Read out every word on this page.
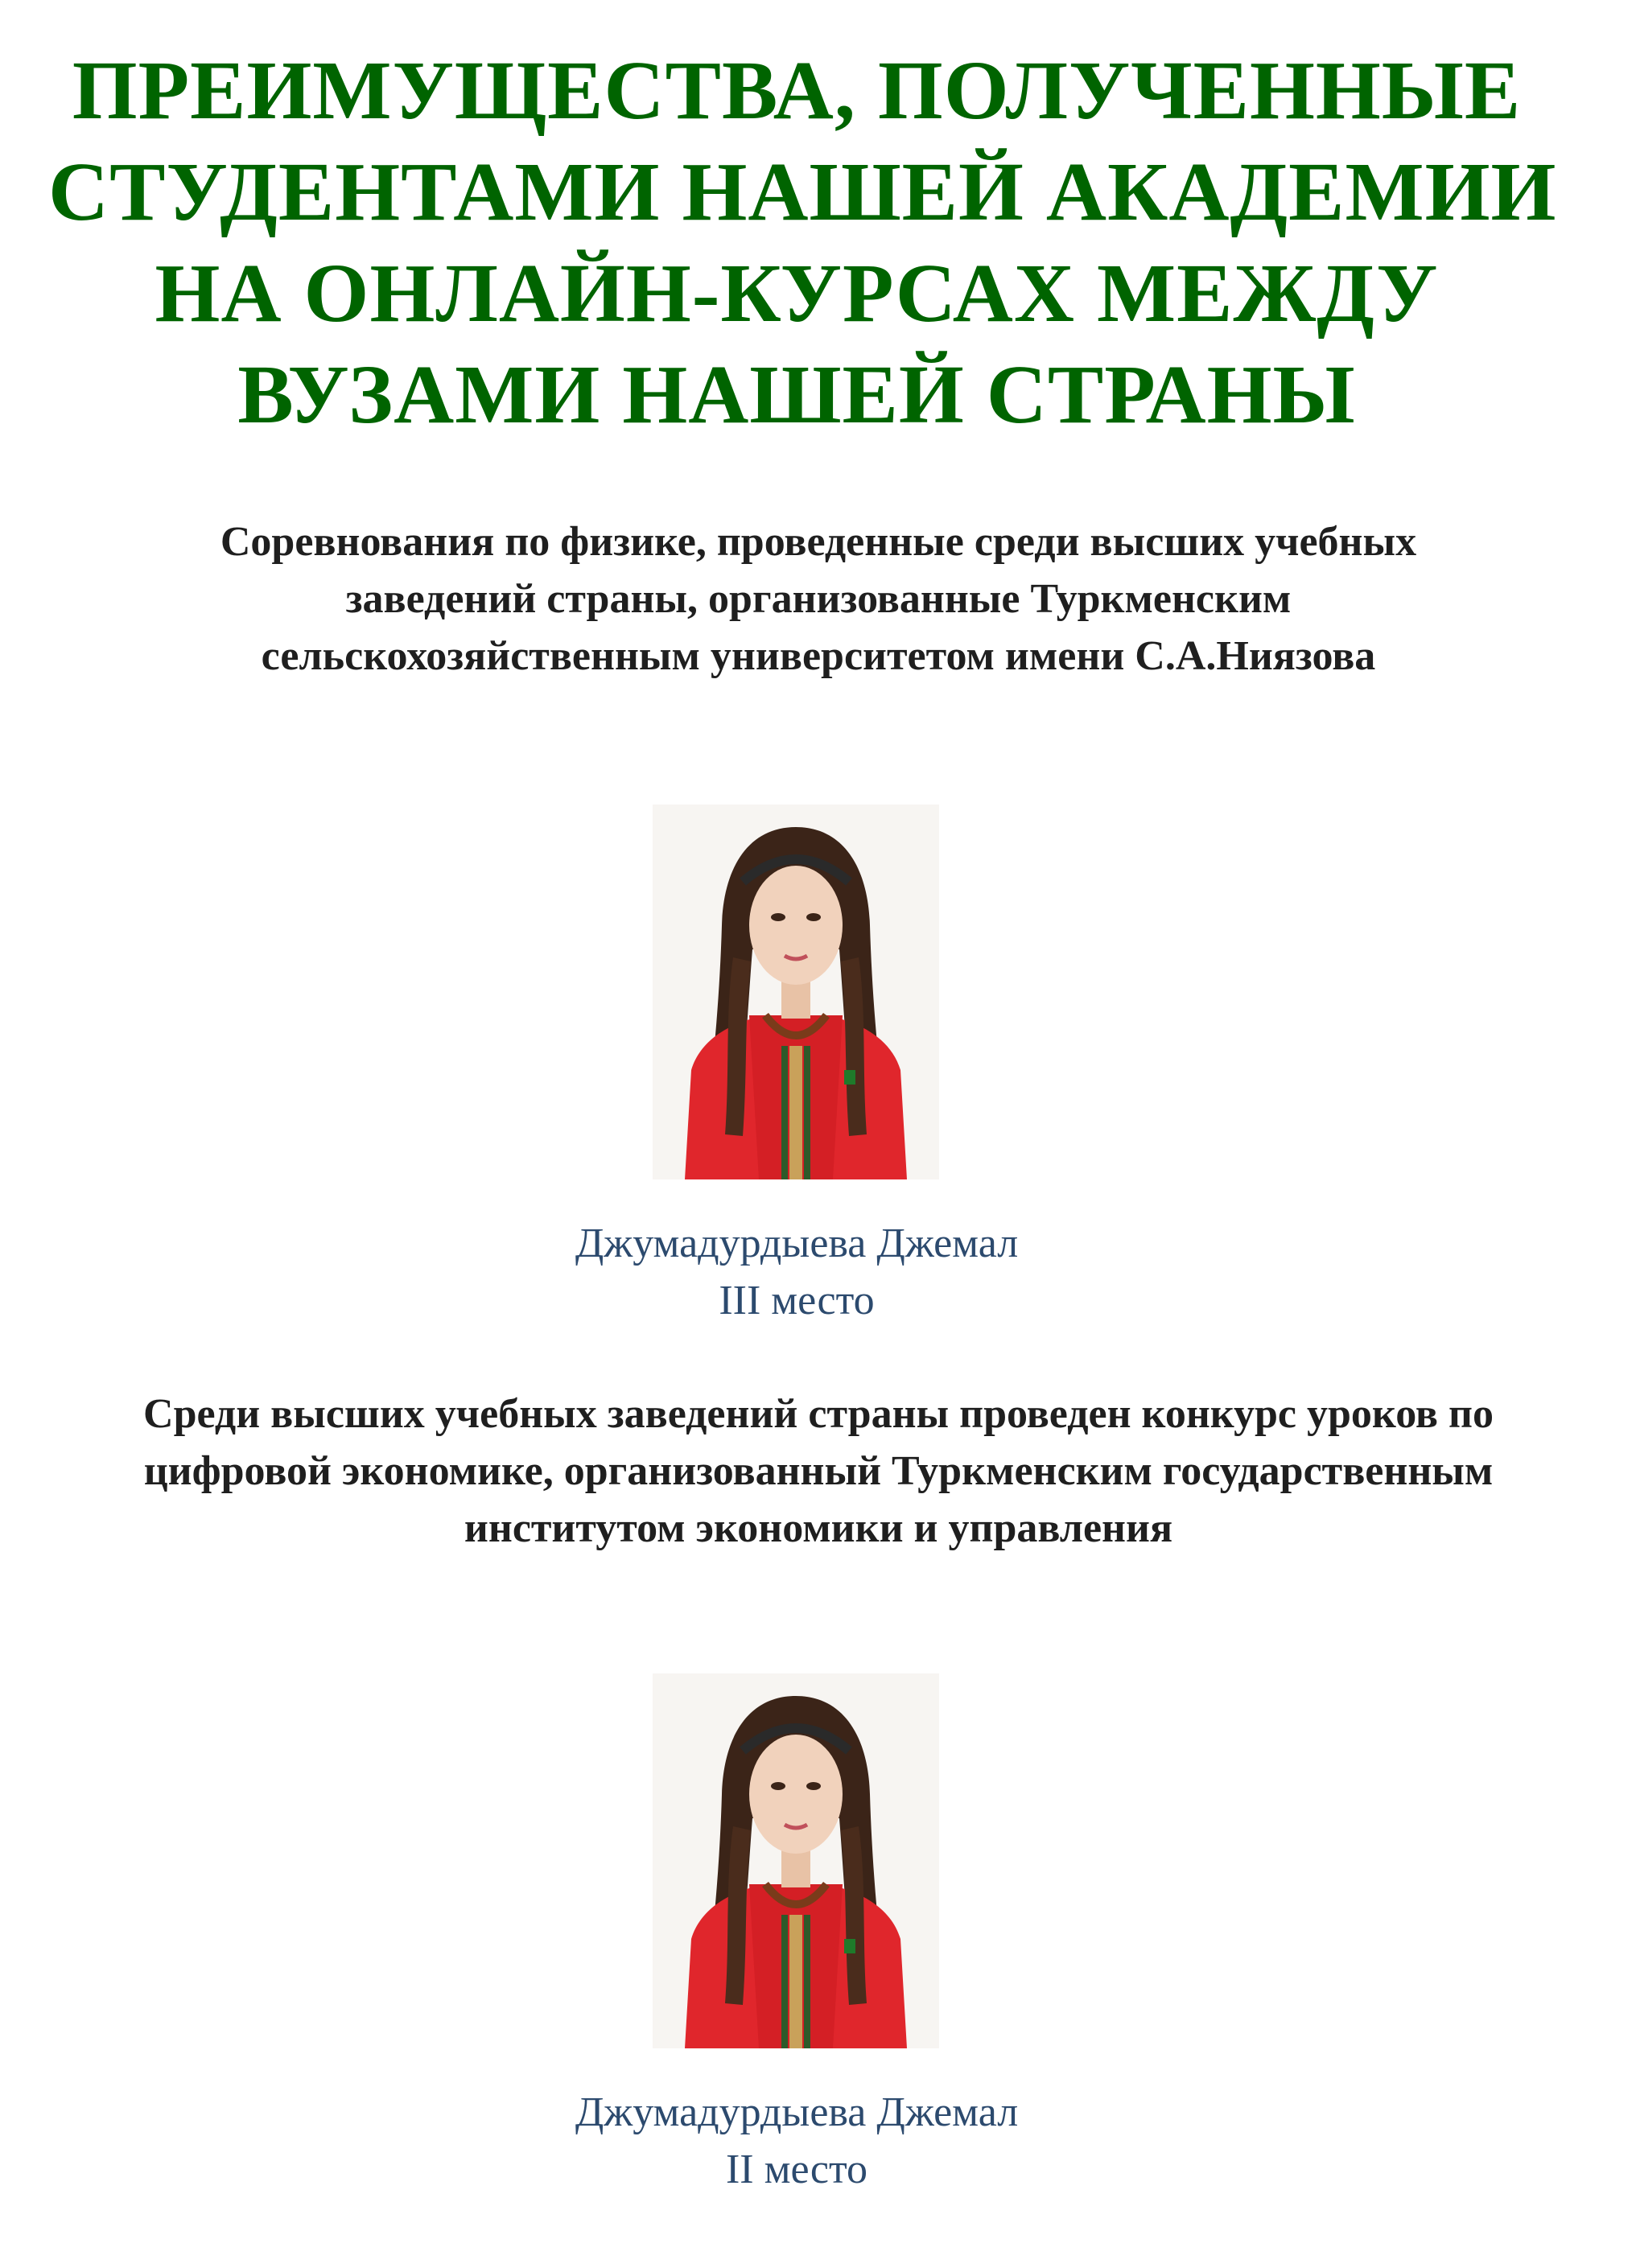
ПРЕИМУЩЕСТВА, ПОЛУЧЕННЫЕ
СТУДЕНТАМИ НАШЕЙ АКАДЕМИИ
НА ОНЛАЙН-КУРСАХ МЕЖДУ
ВУЗАМИ НАШЕЙ СТРАНЫ
Соревнования по физике, проведенные среди высших учебных
заведений страны, организованные Туркменским
сельскохозяйственным университетом имени С.А.Ниязова
Джумадурдыева Джемал
III место
Среди высших учебных заведений страны проведен конкурс уроков по
цифровой экономике, организованный Туркменским государственным
институтом экономики и управления
Джумадурдыева Джемал
II место
